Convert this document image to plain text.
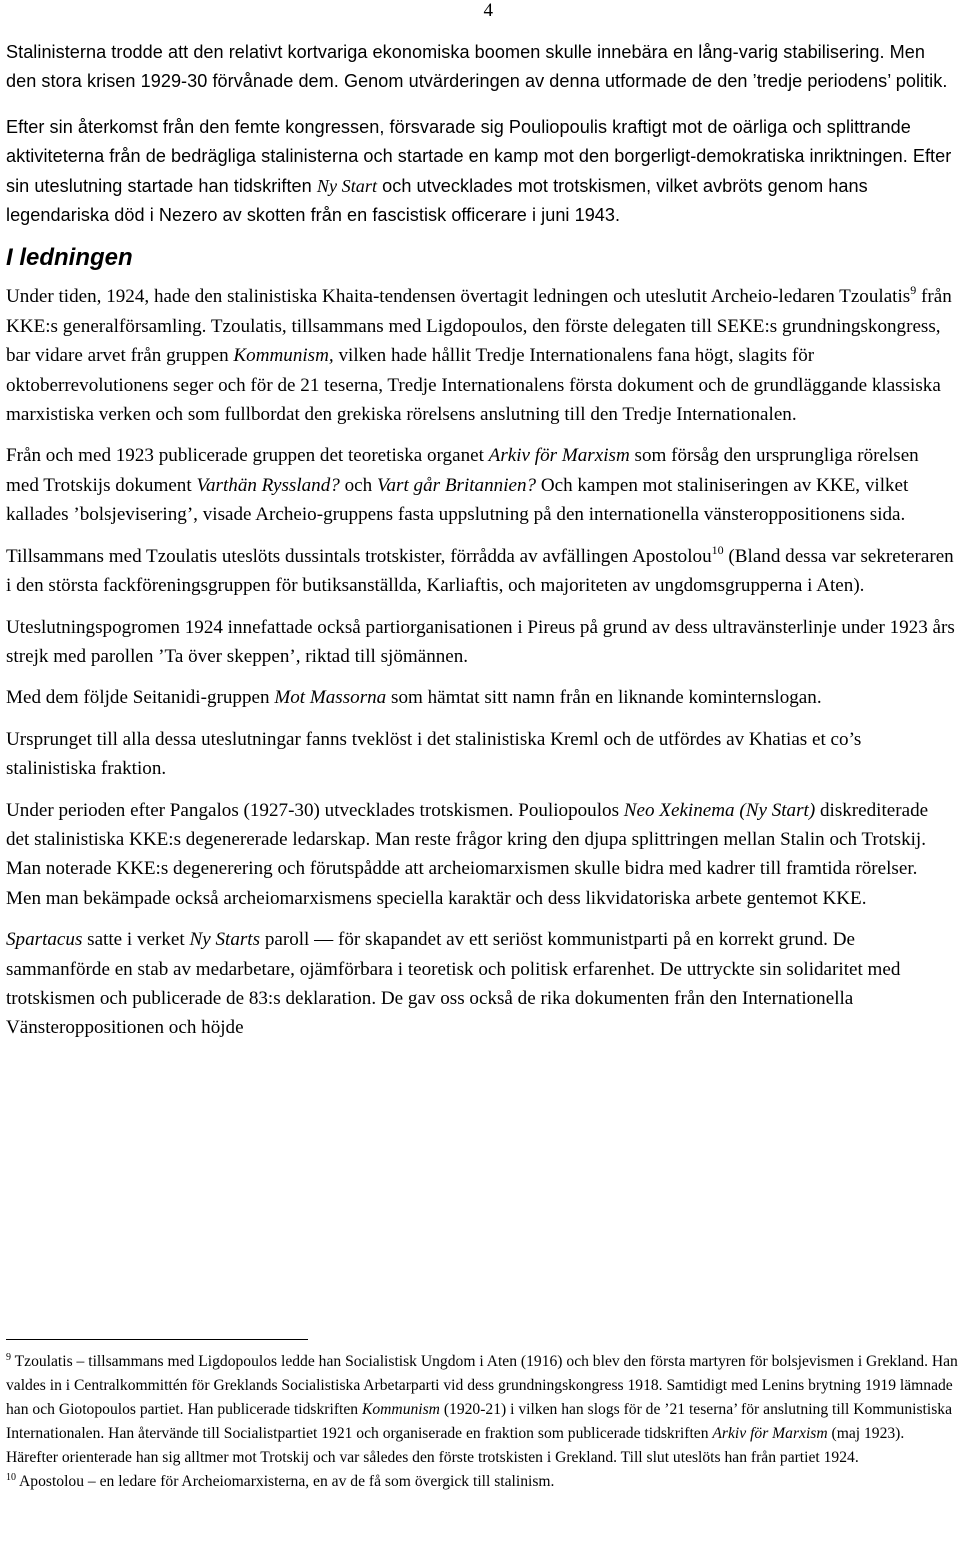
4

Stalinisterna trodde att den relativt kortvariga ekonomiska boomen skulle innebära en lång-varig stabilisering. Men den stora krisen 1929-30 förvånade dem. Genom utvärderingen av denna utformade de den ’tredje periodens’ politik.

Efter sin återkomst från den femte kongressen, försvarade sig Pouliopoulis kraftigt mot de oärliga och splittrande aktiviteterna från de bedrägliga stalinisterna och startade en kamp mot den borgerligt-demokratiska inriktningen. Efter sin uteslutning startade han tidskriften Ny Start och utvecklades mot trotskismen, vilket avbröts genom hans legendariska död i Nezero av skotten från en fascistisk officerare i juni 1943.

I ledningen

Under tiden, 1924, hade den stalinistiska Khaita-tendensen övertagit ledningen och uteslutit Archeio-ledaren Tzoulatis$^9$ från KKE:s generalförsamling. Tzoulatis, tillsammans med Ligdopoulos, den förste delegaten till SEKE:s grundningskongress, bar vidare arvet från gruppen Kommunism, vilken hade hållit Tredje Internationalens fana högt, slagits för oktoberrevolutionens seger och för de 21 teserna, Tredje Internationalens första dokument och de grundläggande klassiska marxistiska verken och som fullbordat den grekiska rörelsens anslutning till den Tredje Internationalen.

Från och med 1923 publicerade gruppen det teoretiska organet Arkiv för Marxism som försåg den ursprungliga rörelsen med Trotskijs dokument Varthän Ryssland? och Vart går Britannien? Och kampen mot staliniseringen av KKE, vilket kallades ’bolsjevisering’, visade Archeio-gruppens fasta uppslutning på den internationella vänsteroppositionens sida.

Tillsammans med Tzoulatis uteslöts dussintals trotskister, förrådda av avfällingen Apostolou$^{10}$ (Bland dessa var sekreteraren i den största fackföreningsgruppen för butiksanställda, Karliaftis, och majoriteten av ungdomsgrupperna i Aten).

Uteslutningspogromen 1924 innefattade också partiorganisationen i Pireus på grund av dess ultravänsterlinje under 1923 års strejk med parollen ’Ta över skeppen’, riktad till sjömännen.

Med dem följde Seitanidi-gruppen Mot Massorna som hämtat sitt namn från en liknande kominternslogan.

Ursprunget till alla dessa uteslutningar fanns tveklöst i det stalinistiska Kreml och de utfördes av Khatias et co’s stalinistiska fraktion.

Under perioden efter Pangalos (1927-30) utvecklades trotskismen. Pouliopoulos Neo Xekinema (Ny Start) diskrediterade det stalinistiska KKE:s degenererade ledarskap. Man reste frågor kring den djupa splittringen mellan Stalin och Trotskij. Man noterade KKE:s degenerering och förutspådde att archeiomarxismen skulle bidra med kadrer till framtida rörelser. Men man bekämpade också archeiomarxismens speciella karaktär och dess likvidatoriska arbete gentemot KKE.

Spartacus satte i verket Ny Starts paroll — för skapandet av ett seriöst kommunistparti på en korrekt grund. De sammanförde en stab av medarbetare, ojämförbara i teoretisk och politisk erfarenhet. De uttryckte sin solidaritet med trotskismen och publicerade de 83:s deklaration. De gav oss också de rika dokumenten från den Internationella Vänsteroppositionen och höjde

$^9$ Tzoulatis – tillsammans med Ligdopoulos ledde han Socialistisk Ungdom i Aten (1916) och blev den första martyren för bolsjevismen i Grekland. Han valdes in i Centralkommittén för Greklands Socialistiska Arbetarparti vid dess grundningskongress 1918. Samtidigt med Lenins brytning 1919 lämnade han och Giotopoulos partiet. Han publicerade tidskriften Kommunism (1920-21) i vilken han slogs för de ’21 teserna’ för anslutning till Kommunistiska Internationalen. Han återvände till Socialistpartiet 1921 och organiserade en fraktion som publicerade tidskriften Arkiv för Marxism (maj 1923). Härefter orienterade han sig alltmer mot Trotskij och var således den förste trotskisten i Grekland. Till slut uteslöts han från partiet 1924.
$^{10}$ Apostolou – en ledare för Archeiomarxisterna, en av de få som övergick till stalinism.
